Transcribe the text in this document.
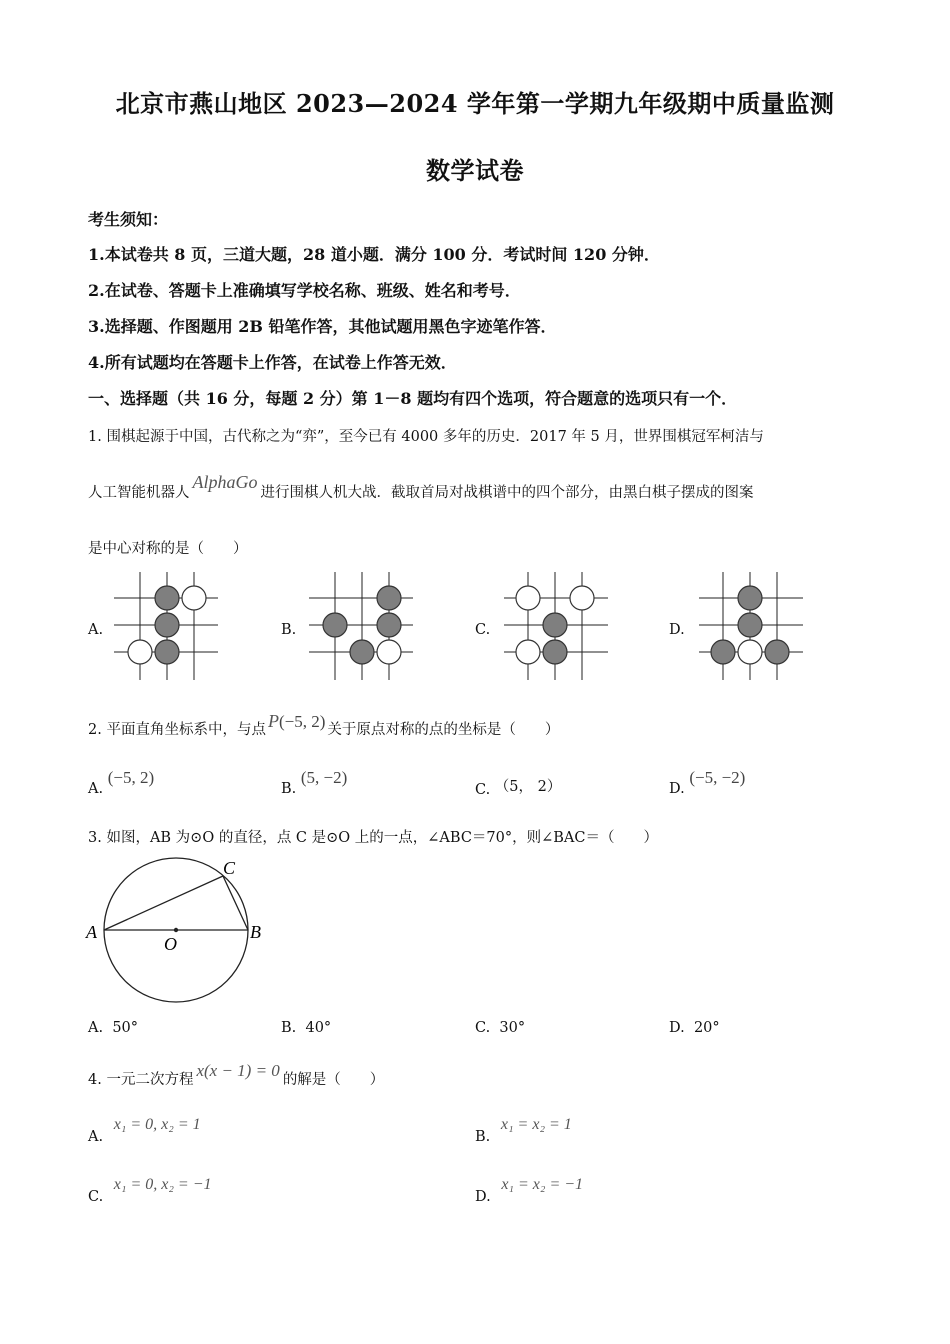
北京市燕山地区 2023—2024 学年第一学期九年级期中质量监测
数学试卷
考生须知：
1.本试卷共 8 页，三道大题，28 道小题．满分 100 分．考试时间 120 分钟．
2.在试卷、答题卡上准确填写学校名称、班级、姓名和考号．
3.选择题、作图题用 2B 铅笔作答，其他试题用黑色字迹笔作答．
4.所有试题均在答题卡上作答，在试卷上作答无效．
一、选择题（共 16 分，每题 2 分）第 1－8 题均有四个选项，符合题意的选项只有一个．
1. 围棋起源于中国，古代称之为“弈”，至今已有 4000 多年的历史．2017 年 5 月，世界围棋冠军柯洁与
人工智能机器人AlphaGo进行围棋人机大战．截取首局对战棋谱中的四个部分，由黑白棋子摆成的图案
是中心对称的是（　　）
A.	B.	C.	D.
2. 平面直角坐标系中，与点 P(−5, 2) 关于原点对称的点的坐标是（　　）
A. (−5, 2)
B. (5, −2)
C. （5， 2）	D. (−5, −2)
3. 如图，AB 为⊙O 的直径，点 C 是⊙O 上的一点，∠ABC＝70°，则∠BAC＝（　　）
A	B
C
O
A. 50°	B. 40°	C. 30°	D. 20°
4. 一元二次方程 x(x − 1) = 0 的解是（　　）
A. x₁ = 0, x₂ = 1
B. x₁ = x₂ = 1
C. x₁ = 0, x₂ = −1
D. x₁ = x₂ = −1
